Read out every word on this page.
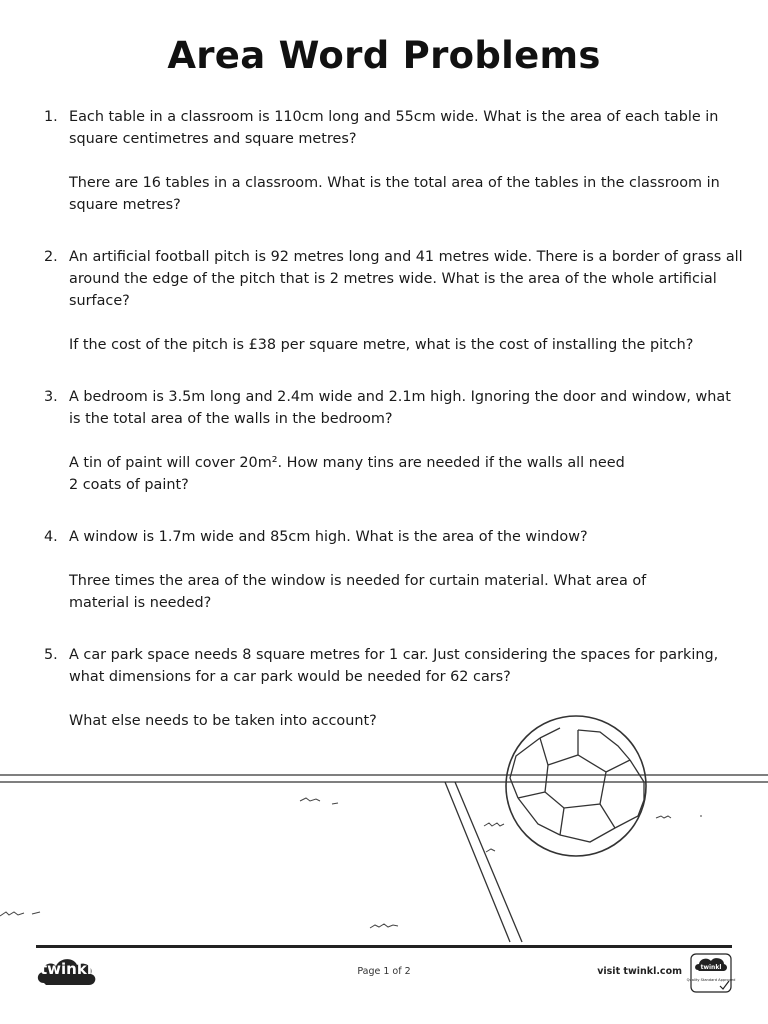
Area Word Problems
1. Each table in a classroom is 110cm long and 55cm wide. What is the area of each table in square centimetres and square metres?

There are 16 tables in a classroom. What is the total area of the tables in the classroom in square metres?

2. An artificial football pitch is 92 metres long and 41 metres wide. There is a border of grass all around the edge of the pitch that is 2 metres wide. What is the area of the whole artificial surface?

If the cost of the pitch is £38 per square metre, what is the cost of installing the pitch?

3. A bedroom is 3.5m long and 2.4m wide and 2.1m high. Ignoring the door and window, what is the total area of the walls in the bedroom?

A tin of paint will cover 20m². How many tins are needed if the walls all need 2 coats of paint?

4. A window is 1.7m wide and 85cm high. What is the area of the window?

Three times the area of the window is needed for curtain material. What area of material is needed?

5. A car park space needs 8 square metres for 1 car. Just considering the spaces for parking, what dimensions for a car park would be needed for 62 cars?

What else needs to be taken into account?

twinkl	Page 1 of 2	visit twinkl.com	twinkl
Quality Standard Approved
